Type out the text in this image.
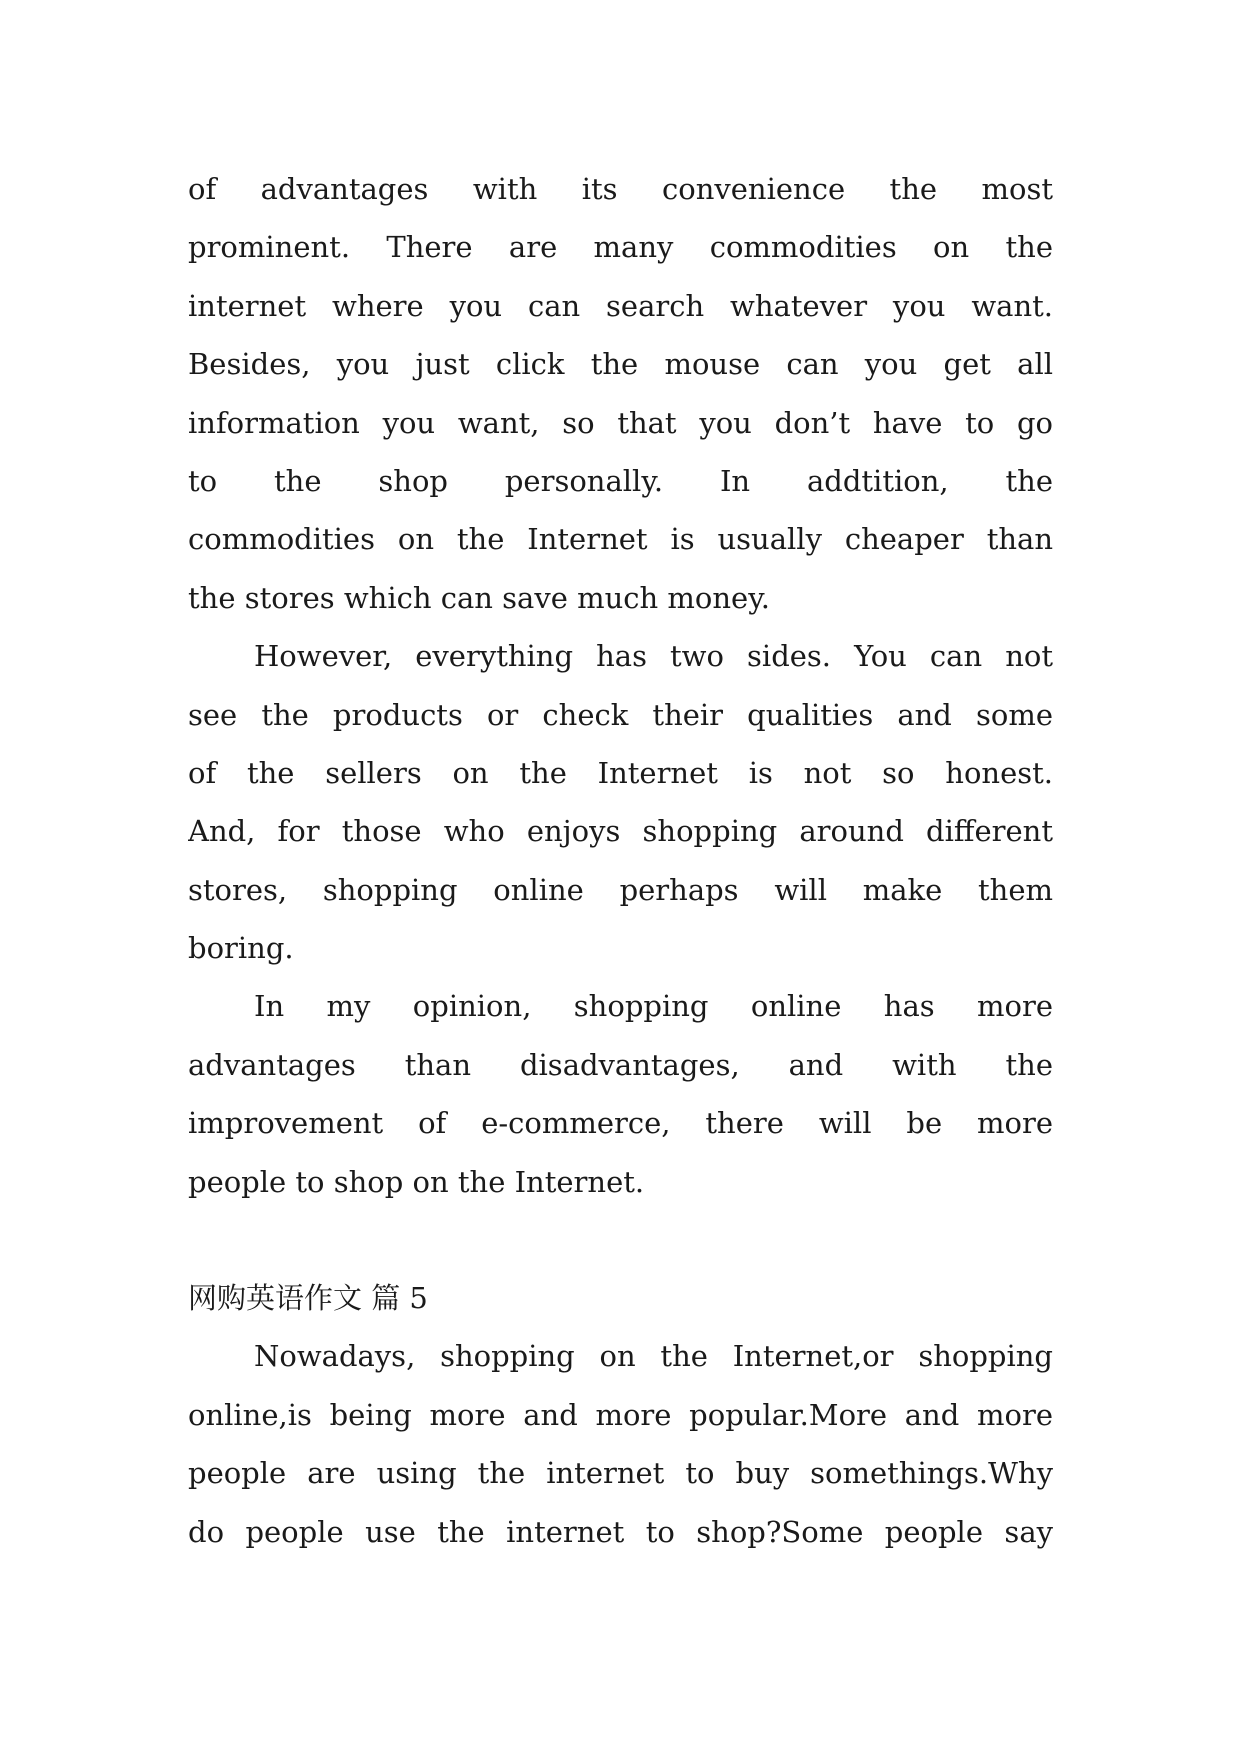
of advantages with its convenience the most
prominent. There are many commodities on the
internet where you can search whatever you want.
Besides, you just click the mouse can you get all
information you want, so that you don’t have to go
to the shop personally. In addtition, the
commodities on the Internet is usually cheaper than
the stores which can save much money.
However, everything has two sides. You can not
see the products or check their qualities and some
of the sellers on the Internet is not so honest.
And, for those who enjoys shopping around different
stores, shopping online perhaps will make them
boring.
In my opinion, shopping online has more
advantages than disadvantages, and with the
improvement of e-commerce, there will be more
people to shop on the Internet.
网购英语作文 篇 5
Nowadays, shopping on the Internet,or shopping
online,is being more and more popular.More and more
people are using the internet to buy somethings.Why
do people use the internet to shop?Some people say
